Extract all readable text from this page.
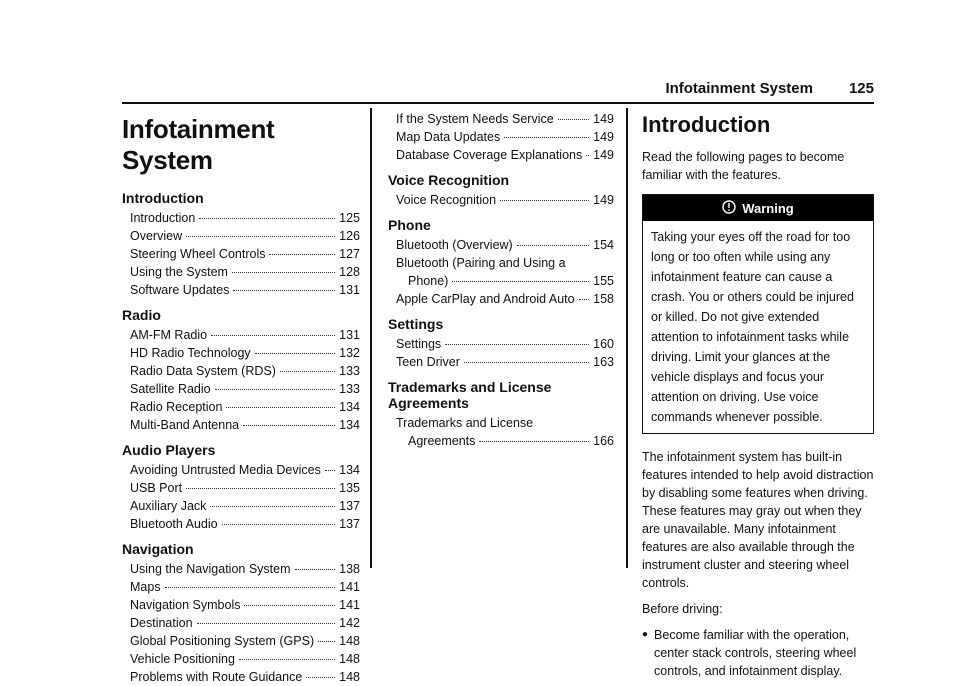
Infotainment System 125
Infotainment System
Introduction
Introduction	125
Overview	126
Steering Wheel Controls	127
Using the System	128
Software Updates	131
Radio
AM-FM Radio	131
HD Radio Technology	132
Radio Data System (RDS)	133
Satellite Radio	133
Radio Reception	134
Multi-Band Antenna	134
Audio Players
Avoiding Untrusted Media Devices 134
USB Port	135
Auxiliary Jack	137
Bluetooth Audio	137
Navigation
Using the Navigation System	138
Maps	141
Navigation Symbols	141
Destination	142
Global Positioning System (GPS) 148
Vehicle Positioning	148
Problems with Route Guidance	148
If the System Needs Service	149
Map Data Updates	149
Database Coverage Explanations 149
Voice Recognition
Voice Recognition	149
Phone
Bluetooth (Overview)	154
Bluetooth (Pairing and Using a
Phone)	155
Apple CarPlay and Android Auto 158
Settings
Settings	160
Teen Driver	163
Trademarks and License Agreements
Trademarks and License
Agreements	166
Introduction

Read the following pages to become familiar with the features.

Warning
Taking your eyes off the road for too long or too often while using any infotainment feature can cause a crash. You or others could be injured or killed. Do not give extended attention to infotainment tasks while driving. Limit your glances at the vehicle displays and focus your attention on driving. Use voice commands whenever possible.

The infotainment system has built-in features intended to help avoid distraction by disabling some features when driving. These features may gray out when they are unavailable. Many infotainment features are also available through the instrument cluster and steering wheel controls.

Before driving:

● Become familiar with the operation, center stack controls, steering wheel controls, and infotainment display.
